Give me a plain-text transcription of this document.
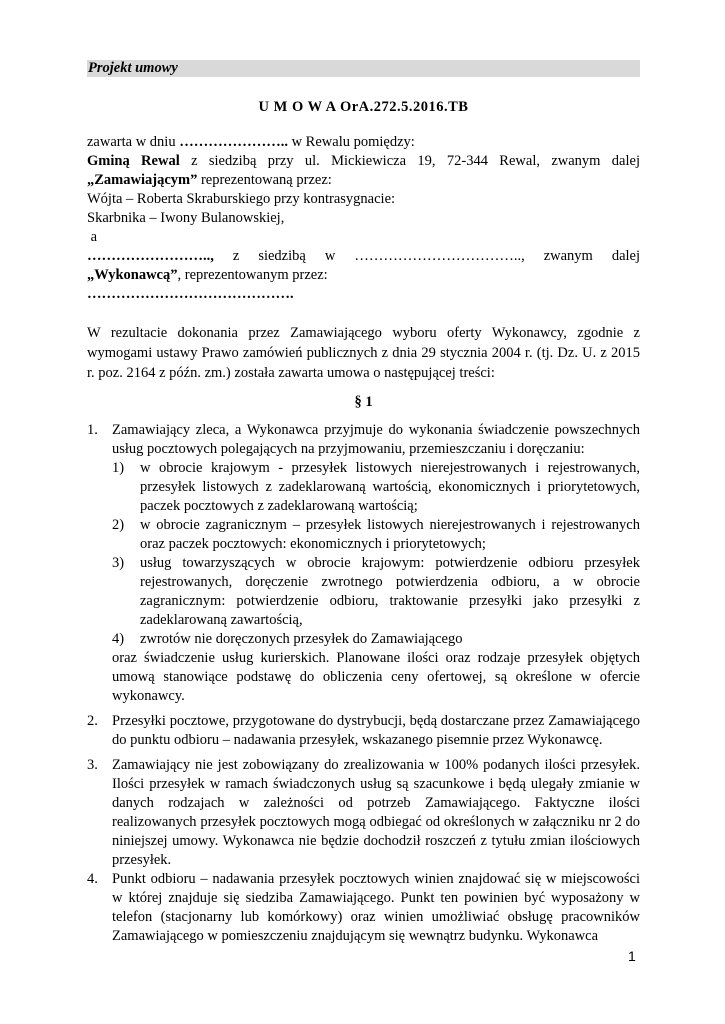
Projekt umowy

U M O W A OrA.272.5.2016.TB

zawarta w dniu ………………….. w Rewalu pomiędzy:

Gminą Rewal z siedzibą przy ul. Mickiewicza 19, 72-344 Rewal, zwanym dalej

„Zamawiającym” reprezentowaną przez:

Wójta – Roberta Skraburskiego przy kontrasygnacie:

Skarbnika – Iwony Bulanowskiej,

a

…………………….., z siedzibą w …………………………….., zwanym dalej

„Wykonawcą”, reprezentowanym przez:

…………………………………….

W rezultacie dokonania przez Zamawiającego wyboru oferty Wykonawcy, zgodnie z wymogami ustawy Prawo zamówień publicznych z dnia 29 stycznia 2004 r. (tj. Dz. U. z 2015 r. poz. 2164 z późn. zm.) została zawarta umowa o następującej treści:

§ 1

1. Zamawiający zleca, a Wykonawca przyjmuje do wykonania świadczenie powszechnych usług pocztowych polegających na przyjmowaniu, przemieszczaniu i doręczaniu:
1) w obrocie krajowym - przesyłek listowych nierejestrowanych i rejestrowanych, przesyłek listowych z zadeklarowaną wartością, ekonomicznych i priorytetowych, paczek pocztowych z zadeklarowaną wartością;
2) w obrocie zagranicznym – przesyłek listowych nierejestrowanych i rejestrowanych oraz paczek pocztowych: ekonomicznych i priorytetowych;
3) usług towarzyszących w obrocie krajowym: potwierdzenie odbioru przesyłek rejestrowanych, doręczenie zwrotnego potwierdzenia odbioru, a w obrocie zagranicznym: potwierdzenie odbioru, traktowanie przesyłki jako przesyłki z zadeklarowaną zawartością,
4) zwrotów nie doręczonych przesyłek do Zamawiającego

oraz świadczenie usług kurierskich. Planowane ilości oraz rodzaje przesyłek objętych umową stanowiące podstawę do obliczenia ceny ofertowej, są określone w ofercie wykonawcy.

2. Przesyłki pocztowe, przygotowane do dystrybucji, będą dostarczane przez Zamawiającego do punktu odbioru – nadawania przesyłek, wskazanego pisemnie przez Wykonawcę.
3. Zamawiający nie jest zobowiązany do zrealizowania w 100% podanych ilości przesyłek. Ilości przesyłek w ramach świadczonych usług są szacunkowe i będą ulegały zmianie w danych rodzajach w zależności od potrzeb Zamawiającego. Faktyczne ilości realizowanych przesyłek pocztowych mogą odbiegać od określonych w załączniku nr 2 do niniejszej umowy. Wykonawca nie będzie dochodził roszczeń z tytułu zmian ilościowych przesyłek.
4. Punkt odbioru – nadawania przesyłek pocztowych winien znajdować się w miejscowości w której znajduje się siedziba Zamawiającego. Punkt ten powinien być wyposażony w telefon (stacjonarny lub komórkowy) oraz winien umożliwiać obsługę pracowników Zamawiającego w pomieszczeniu znajdującym się wewnątrz budynku. Wykonawca
1
